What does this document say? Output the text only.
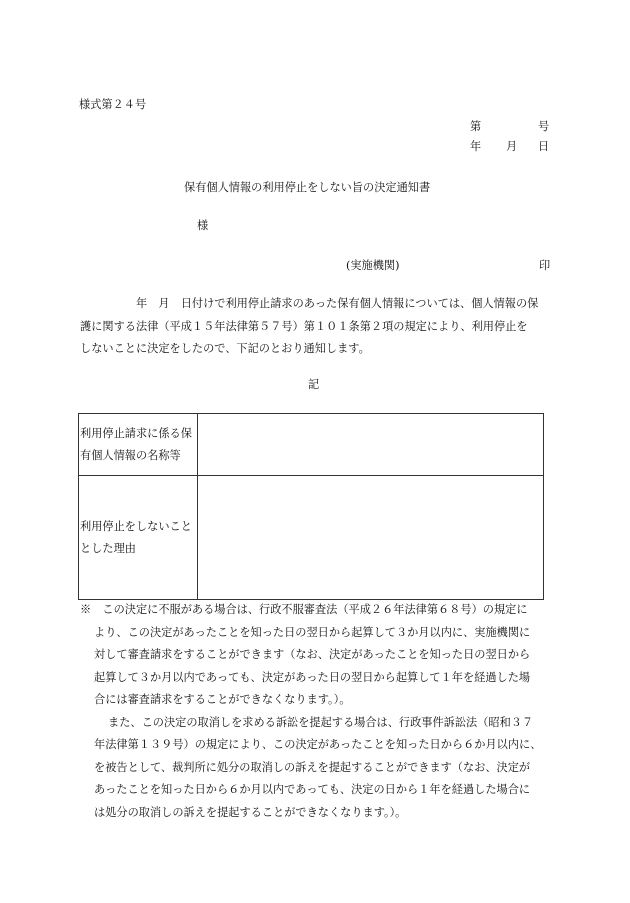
様式第２４号
第	号
年 月 日
保有個人情報の利用停止をしない旨の決定通知書
様
(実施機関)	印
　　　　　年　月　日付けで利用停止請求のあった保有個人情報については、個人情報の保
護に関する法律（平成１５年法律第５７号）第１０１条第２項の規定により、利用停止を
しないことに決定をしたので、下記のとおり通知します。
記
利用停止請求に係る保
有個人情報の名称等	

利用停止をしないこと
とした理由	

※　この決定に不服がある場合は、行政不服審査法（平成２６年法律第６８号）の規定に
より、この決定があったことを知った日の翌日から起算して３か月以内に、実施機関に
対して審査請求をすることができます（なお、決定があったことを知った日の翌日から
起算して３か月以内であっても、決定があった日の翌日から起算して１年を経過した場
合には審査請求をすることができなくなります。）。
また、この決定の取消しを求める訴訟を提起する場合は、行政事件訴訟法（昭和３７
年法律第１３９号）の規定により、この決定があったことを知った日から６か月以内に、
を被告として、裁判所に処分の取消しの訴えを提起することができます（なお、決定が
あったことを知った日から６か月以内であっても、決定の日から１年を経過した場合に
は処分の取消しの訴えを提起することができなくなります。）。
